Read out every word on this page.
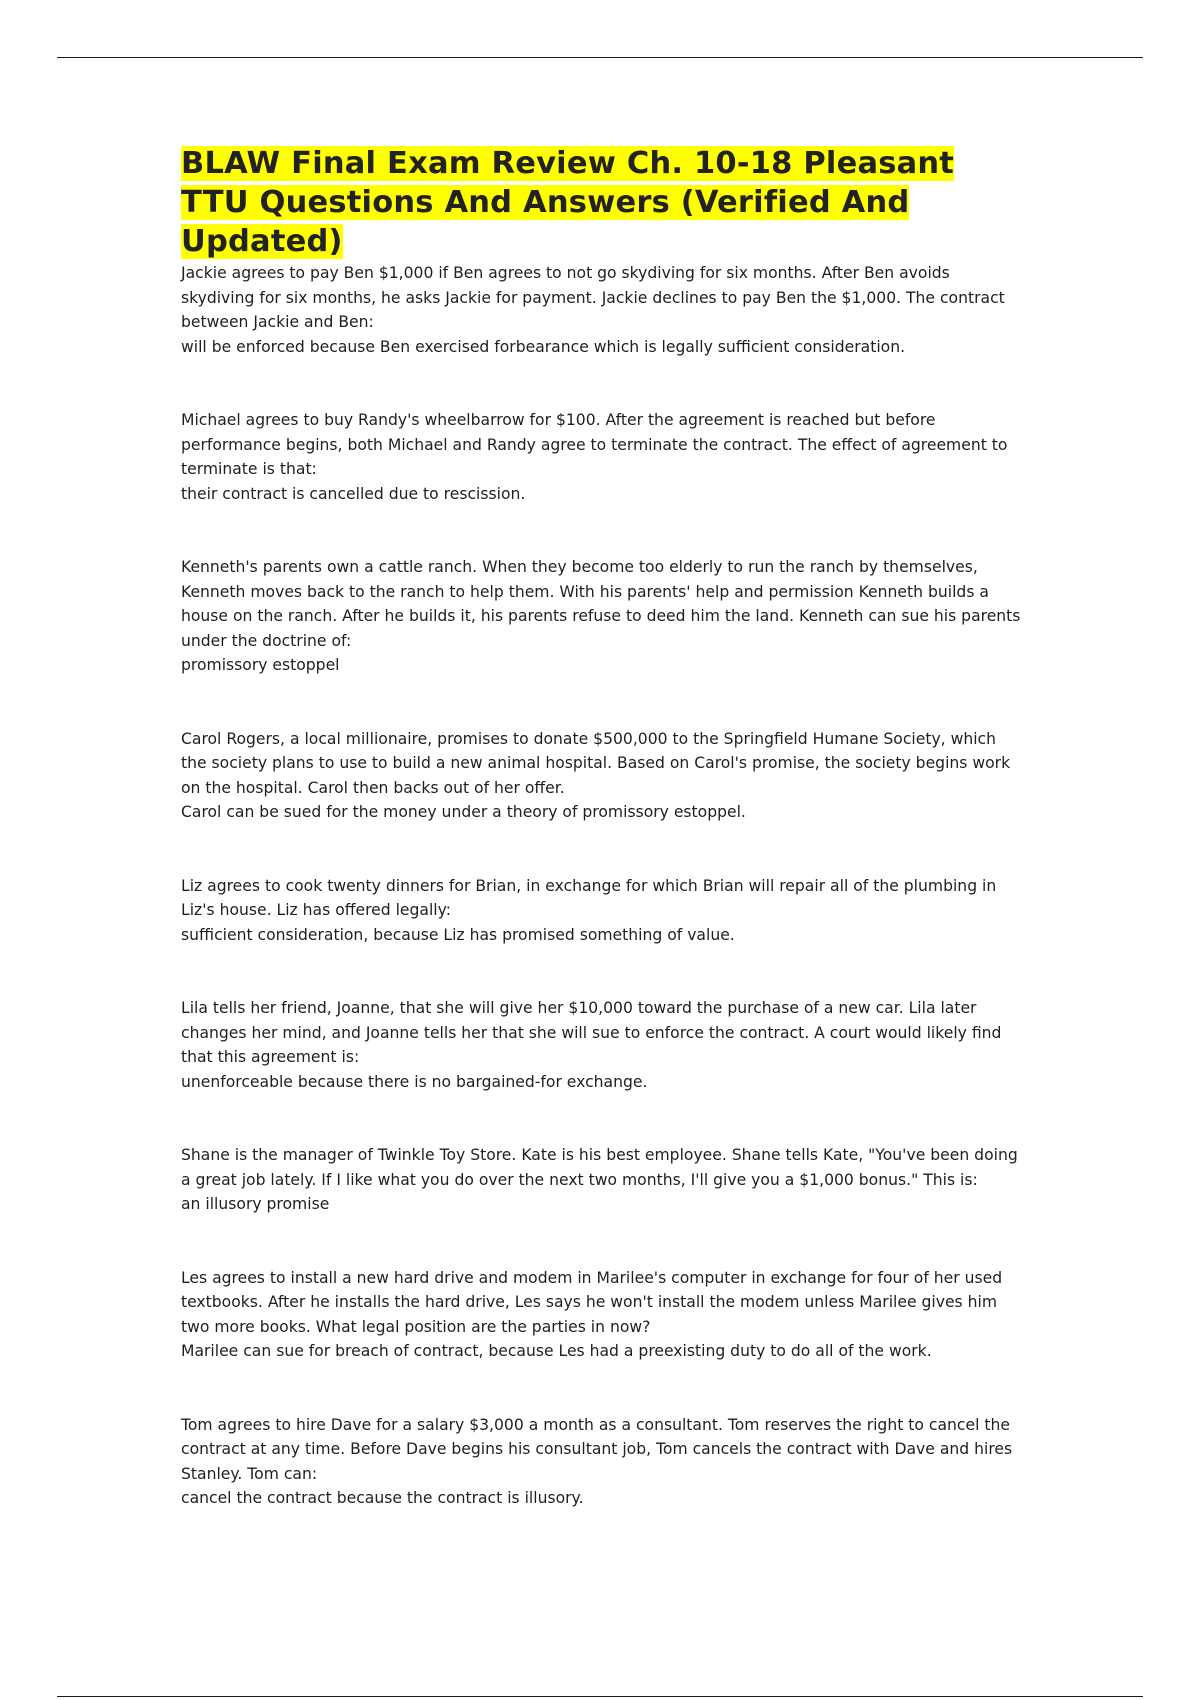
BLAW Final Exam Review Ch. 10-18 Pleasant TTU Questions And Answers (Verified And Updated)

Jackie agrees to pay Ben $1,000 if Ben agrees to not go skydiving for six months. After Ben avoids skydiving for six months, he asks Jackie for payment. Jackie declines to pay Ben the $1,000. The contract between Jackie and Ben:

will be enforced because Ben exercised forbearance which is legally sufficient consideration.

Michael agrees to buy Randy's wheelbarrow for $100. After the agreement is reached but before performance begins, both Michael and Randy agree to terminate the contract. The effect of agreement to terminate is that:

their contract is cancelled due to rescission.

Kenneth's parents own a cattle ranch. When they become too elderly to run the ranch by themselves, Kenneth moves back to the ranch to help them. With his parents' help and permission Kenneth builds a house on the ranch. After he builds it, his parents refuse to deed him the land. Kenneth can sue his parents under the doctrine of:

promissory estoppel

Carol Rogers, a local millionaire, promises to donate $500,000 to the Springfield Humane Society, which the society plans to use to build a new animal hospital. Based on Carol's promise, the society begins work on the hospital. Carol then backs out of her offer.

Carol can be sued for the money under a theory of promissory estoppel.

Liz agrees to cook twenty dinners for Brian, in exchange for which Brian will repair all of the plumbing in Liz's house. Liz has offered legally:

sufficient consideration, because Liz has promised something of value.

Lila tells her friend, Joanne, that she will give her $10,000 toward the purchase of a new car. Lila later changes her mind, and Joanne tells her that she will sue to enforce the contract. A court would likely find that this agreement is:

unenforceable because there is no bargained-for exchange.

Shane is the manager of Twinkle Toy Store. Kate is his best employee. Shane tells Kate, "You've been doing a great job lately. If I like what you do over the next two months, I'll give you a $1,000 bonus." This is:

an illusory promise

Les agrees to install a new hard drive and modem in Marilee's computer in exchange for four of her used textbooks. After he installs the hard drive, Les says he won't install the modem unless Marilee gives him two more books. What legal position are the parties in now?

Marilee can sue for breach of contract, because Les had a preexisting duty to do all of the work.

Tom agrees to hire Dave for a salary $3,000 a month as a consultant. Tom reserves the right to cancel the contract at any time. Before Dave begins his consultant job, Tom cancels the contract with Dave and hires Stanley. Tom can:

cancel the contract because the contract is illusory.
